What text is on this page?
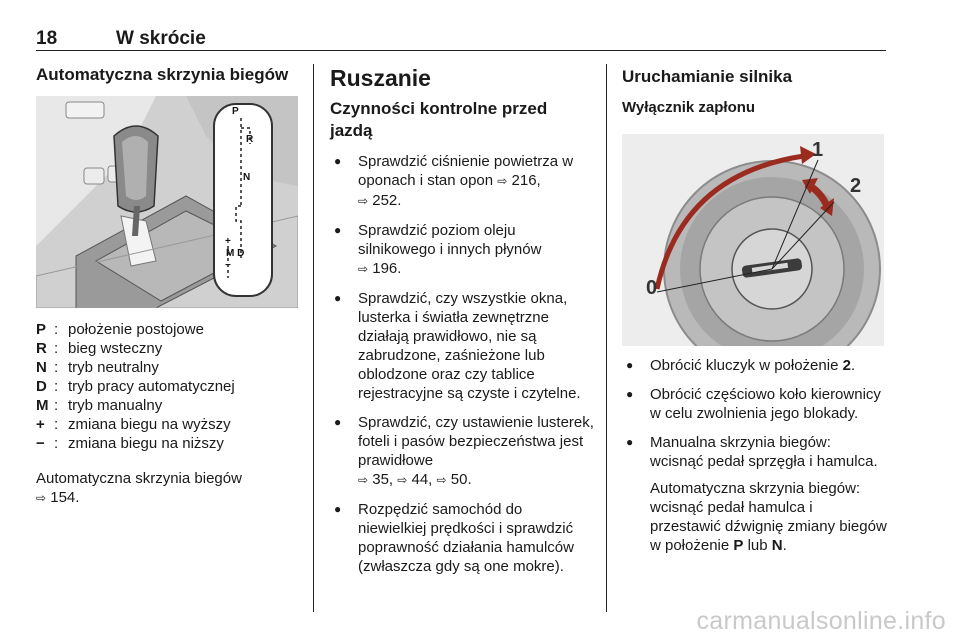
18	W skrócie
Automatyczna skrzynia biegów
P
R
N
+
M D
−
P : położenie postojowe
R : bieg wsteczny
N : tryb neutralny
D : tryb pracy automatycznej
M : tryb manualny
+ : zmiana biegu na wyższy
− : zmiana biegu na niższy
Automatyczna skrzynia biegów
⇨ 154.
Ruszanie
Czynności kontrolne przed jazdą
● Sprawdzić ciśnienie powietrza w oponach i stan opon ⇨ 216,
⇨ 252.
● Sprawdzić poziom oleju silnikowego i innych płynów
⇨ 196.
● Sprawdzić, czy wszystkie okna, lusterka i światła zewnętrzne działają prawidłowo, nie są zabrudzone, zaśnieżone lub oblodzone oraz czy tablice rejestracyjne są czyste i czytelne.
● Sprawdzić, czy ustawienie lusterek, foteli i pasów bezpieczeństwa jest prawidłowe
⇨ 35, ⇨ 44, ⇨ 50.
● Rozpędzić samochód do niewielkiej prędkości i sprawdzić poprawność działania hamulców (zwłaszcza gdy są one mokre).
Uruchamianie silnika
Wyłącznik zapłonu
0
1
2
● Obrócić kluczyk w położenie 2.
● Obrócić częściowo koło kierownicy w celu zwolnienia jego blokady.
● Manualna skrzynia biegów: wcisnąć pedał sprzęgła i hamulca.
Automatyczna skrzynia biegów: wcisnąć pedał hamulca i przestawić dźwignię zmiany biegów w położenie P lub N.
carmanualsonline.info
